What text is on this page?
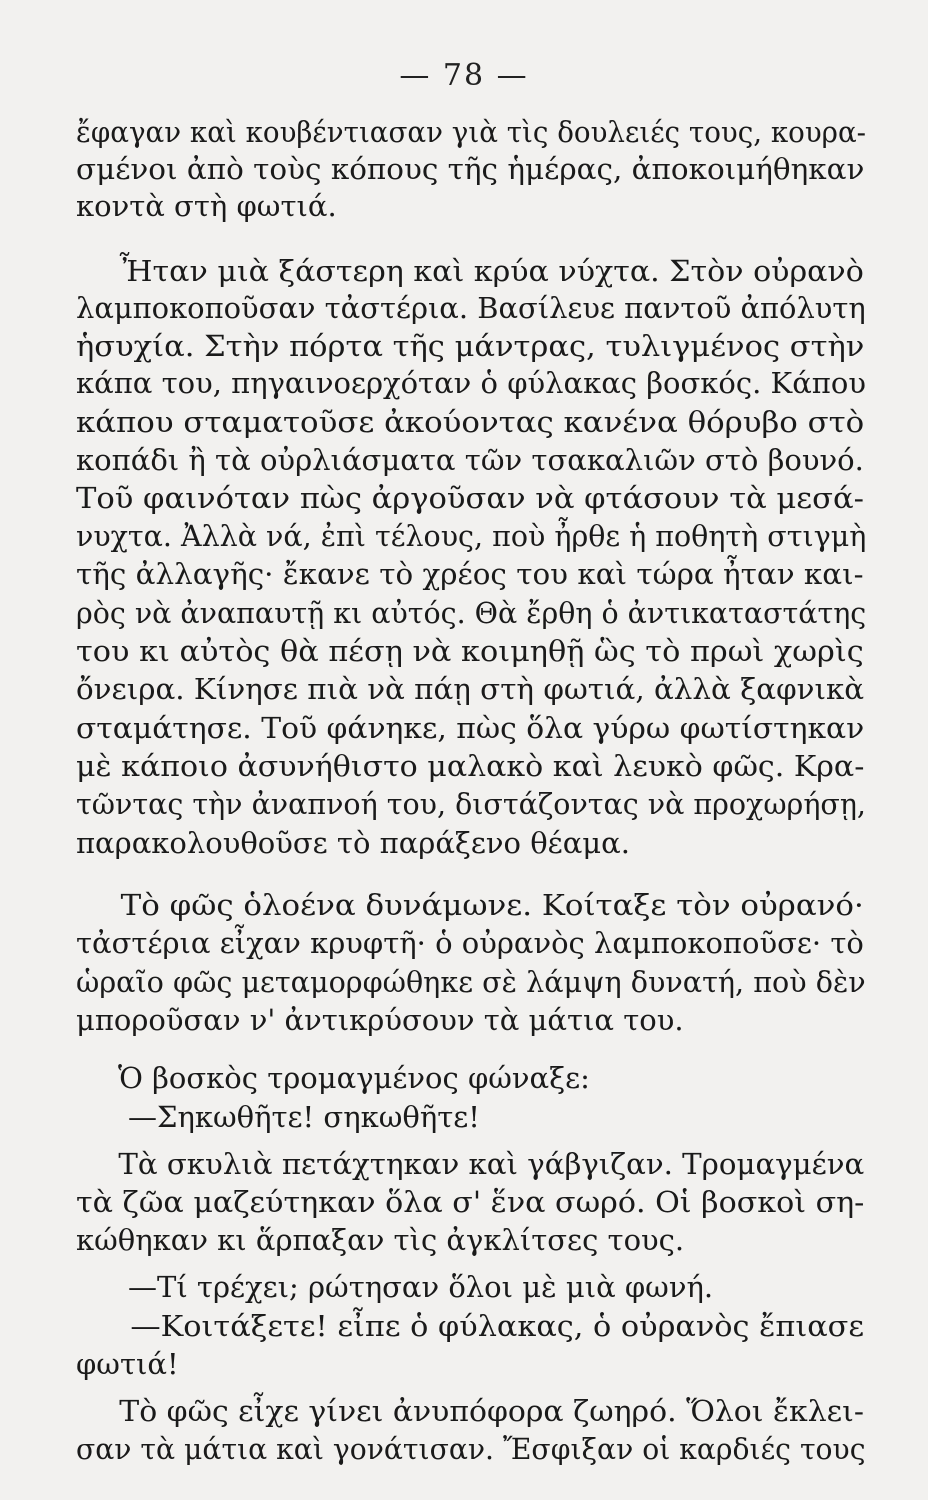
— 78 —
ἔφαγαν καὶ κουβέντιασαν γιὰ τὶς δουλειές τους, κουρα-
σμένοι ἀπὸ τοὺς κόπους τῆς ἡμέρας, ἀποκοιμήθηκαν
κοντὰ στὴ φωτιά.
Ἦταν μιὰ ξάστερη καὶ κρύα νύχτα. Στὸν οὐρανὸ
λαμποκοποῦσαν τἀστέρια. Βασίλευε παντοῦ ἀπόλυτη
ἡσυχία. Στὴν πόρτα τῆς μάντρας, τυλιγμένος στὴν
κάπα του, πηγαινοερχόταν ὁ φύλακας βοσκός. Κάπου
κάπου σταματοῦσε ἀκούοντας κανένα θόρυβο στὸ
κοπάδι ἢ τὰ οὐρλιάσματα τῶν τσακαλιῶν στὸ βουνό.
Τοῦ φαινόταν πὼς ἀργοῦσαν νὰ φτάσουν τὰ μεσά-
νυχτα. Ἀλλὰ νά, ἐπὶ τέλους, ποὺ ἦρθε ἡ ποθητὴ στιγμὴ
τῆς ἀλλαγῆς· ἔκανε τὸ χρέος του καὶ τώρα ἦταν και-
ρὸς νὰ ἀναπαυτῇ κι αὐτός. Θὰ ἔρθη ὁ ἀντικαταστάτης
του κι αὐτὸς θὰ πέσῃ νὰ κοιμηθῇ ὣς τὸ πρωὶ χωρὶς
ὄνειρα. Κίνησε πιὰ νὰ πάῃ στὴ φωτιά, ἀλλὰ ξαφνικὰ
σταμάτησε. Τοῦ φάνηκε, πὼς ὅλα γύρω φωτίστηκαν
μὲ κάποιο ἀσυνήθιστο μαλακὸ καὶ λευκὸ φῶς. Κρα-
τῶντας τὴν ἀναπνοή του, διστάζοντας νὰ προχωρήσῃ,
παρακολουθοῦσε τὸ παράξενο θέαμα.
Τὸ φῶς ὁλοένα δυνάμωνε. Κοίταξε τὸν οὐρανό·
τἀστέρια εἶχαν κρυφτῆ· ὁ οὐρανὸς λαμποκοποῦσε· τὸ
ὡραῖο φῶς μεταμορφώθηκε σὲ λάμψη δυνατή, ποὺ δὲν
μποροῦσαν ν' ἀντικρύσουν τὰ μάτια του.
Ὁ βοσκὸς τρομαγμένος φώναξε:
—Σηκωθῆτε! σηκωθῆτε!
Τὰ σκυλιὰ πετάχτηκαν καὶ γάβγιζαν. Τρομαγμένα
τὰ ζῶα μαζεύτηκαν ὅλα σ' ἕνα σωρό. Οἱ βοσκοὶ ση-
κώθηκαν κι ἅρπαξαν τὶς ἀγκλίτσες τους.
—Τί τρέχει; ρώτησαν ὅλοι μὲ μιὰ φωνή.
—Κοιτάξετε! εἶπε ὁ φύλακας, ὁ οὐρανὸς ἔπιασε
φωτιά!
Τὸ φῶς εἶχε γίνει ἀνυπόφορα ζωηρό. Ὅλοι ἔκλει-
σαν τὰ μάτια καὶ γονάτισαν. Ἔσφιξαν οἱ καρδιές τους
